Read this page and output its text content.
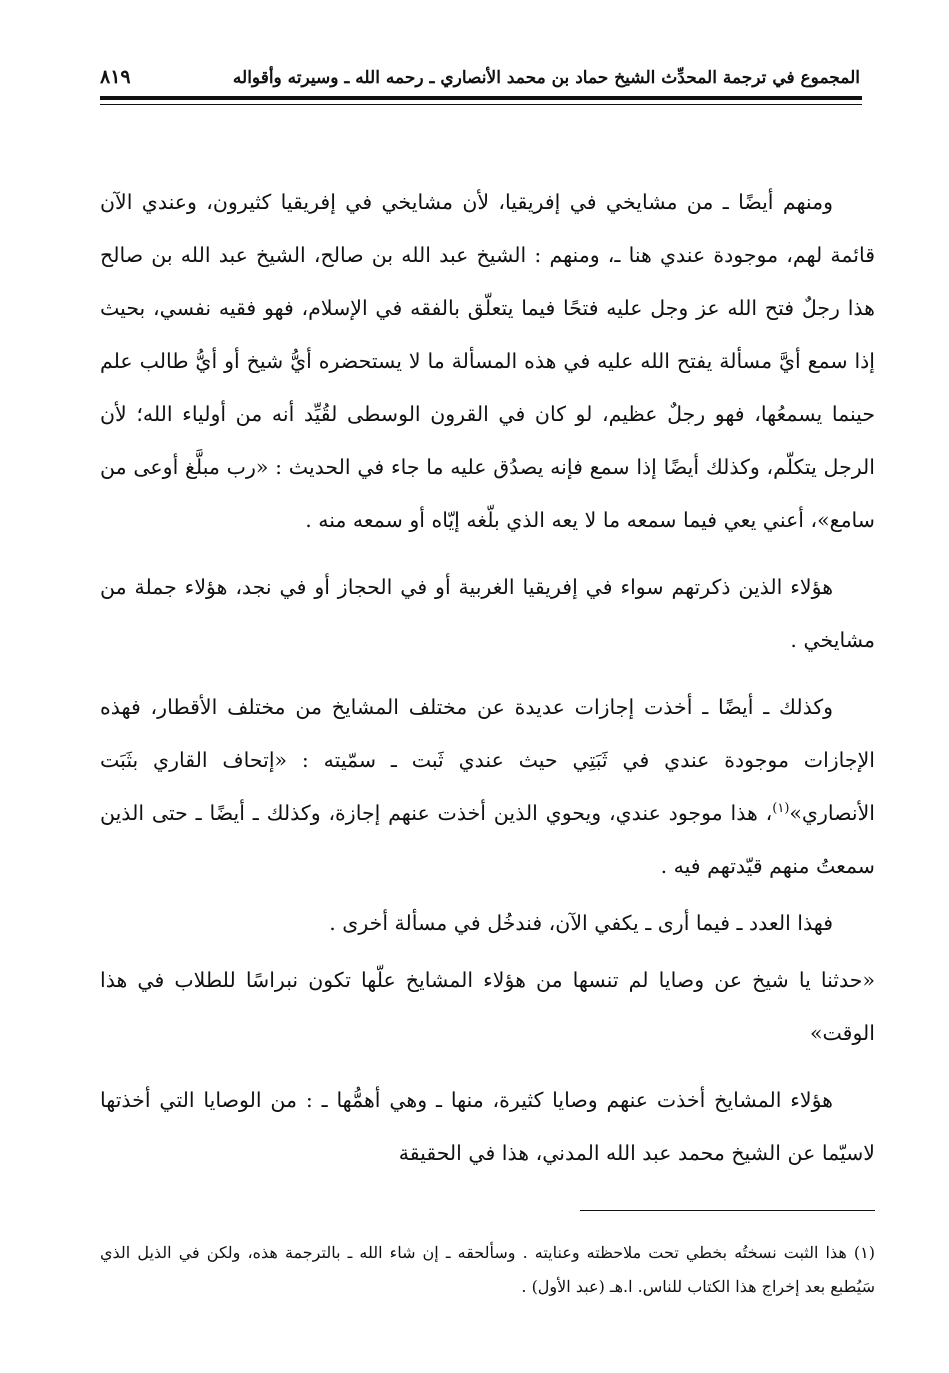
المجموع في ترجمة المحدِّث الشيخ حماد بن محمد الأنصاري ـ رحمه الله ـ وسيرته وأقواله
٨١٩

ومنهم أيضًا ـ من مشايخي في إفريقيا، لأن مشايخي في إفريقيا كثيرون، وعندي الآن قائمة لهم، موجودة عندي هنا ـ، ومنهم : الشيخ عبد الله بن صالح، الشيخ عبد الله بن صالح هذا رجلٌ فتح الله عز وجل عليه فتحًا فيما يتعلّق بالفقه في الإسلام، فهو فقيه نفسي، بحيث إذا سمع أيَّ مسألة يفتح الله عليه في هذه المسألة ما لا يستحضره أيُّ شيخ أو أيُّ طالب علم حينما يسمعُها، فهو رجلٌ عظيم، لو كان في القرون الوسطى لقُيِّد أنه من أولياء الله؛ لأن الرجل يتكلّم، وكذلك أيضًا إذا سمع فإنه يصدُق عليه ما جاء في الحديث : «رب مبلَّغ أوعى من سامع»، أعني يعي فيما سمعه ما لا يعه الذي بلّغه إيّاه أو سمعه منه .

هؤلاء الذين ذكرتهم سواء في إفريقيا الغربية أو في الحجاز أو في نجد، هؤلاء جملة من مشايخي .

وكذلك ـ أيضًا ـ أخذت إجازات عديدة عن مختلف المشايخ من مختلف الأقطار، فهذه الإجازات موجودة عندي في ثَبَتِي حيث عندي ثَبت ـ سمّيته : «إتحاف القاري بثَبَت الأنصاري»$^{(١)}$، هذا موجود عندي، ويحوي الذين أخذت عنهم إجازة، وكذلك ـ أيضًا ـ حتى الذين سمعتُ منهم قيّدتهم فيه .

فهذا العدد ـ فيما أرى ـ يكفي الآن، فندخُل في مسألة أخرى .

«حدثنا يا شيخ عن وصايا لم تنسها من هؤلاء المشايخ علّها تكون نبراسًا للطلاب في هذا الوقت»

هؤلاء المشايخ أخذت عنهم وصايا كثيرة، منها ـ وهي أهمُّها ـ : من الوصايا التي أخذتها لاسيّما عن الشيخ محمد عبد الله المدني، هذا في الحقيقة

(١) هذا الثبت نسختُه بخطي تحت ملاحظته وعنايته . وسألحقه ـ إن شاء الله ـ بالترجمة هذه، ولكن في الذيل الذي سَيُطبع بعد إخراج هذا الكتاب للناس. ا.هـ (عبد الأول) .
